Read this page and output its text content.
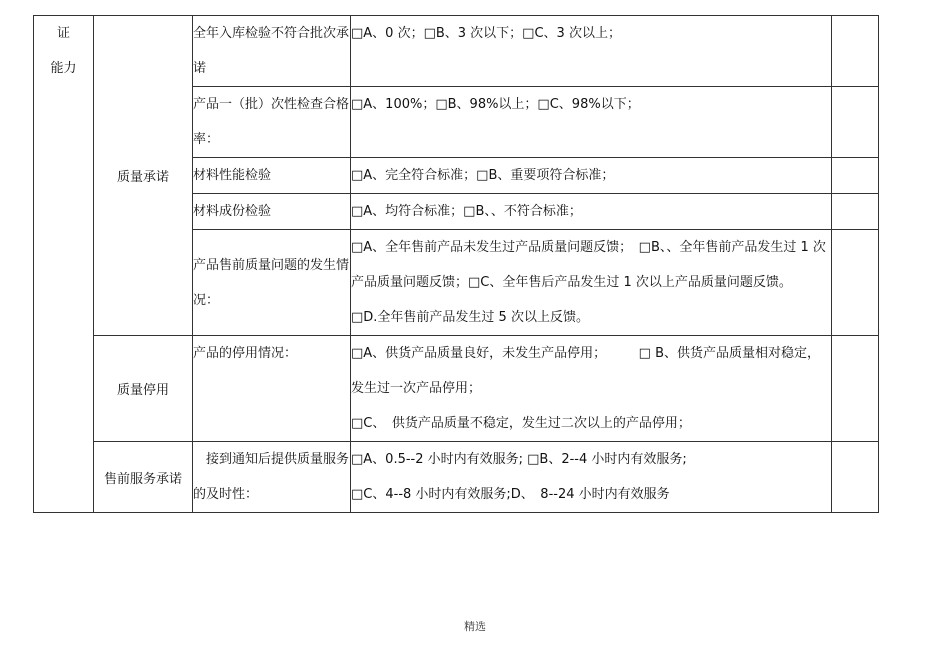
证
能力	质量承诺	全年入库检验不符合批次承诺	□A、0 次；□B、3 次以下；□C、3 次以上；	
		产品一（批）次性检查合格率：	□A、100%；□B、98%以上；□C、98%以下；	
		材料性能检验	□A、完全符合标准；□B、重要项符合标准；	
		材料成份检验	□A、均符合标准；□B、、不符合标准；	
		产品售前质量问题的发生情况：	□A、全年售前产品未发生过产品质量问题反馈；　□B、、全年售前产品发生过 1 次产品质量问题反馈；□C、全年售后产品发生过 1 次以上产品质量问题反馈。
□D.全年售前产品发生过 5 次以上反馈。	

	质量停用	产品的停用情况：	□A、供货产品质量良好，未发生产品停用；　　　□ B、供货产品质量相对稳定，发生过一次产品停用；
□C、　供货产品质量不稳定，发生过二次以上的产品停用；	

	售前服务承诺	　接到通知后提供质量服务的及时性：	□A、0.5--2 小时内有效服务; □B、2--4 小时内有效服务;
□C、4--8 小时内有效服务;D、　8--24 小时内有效服务	

精选
